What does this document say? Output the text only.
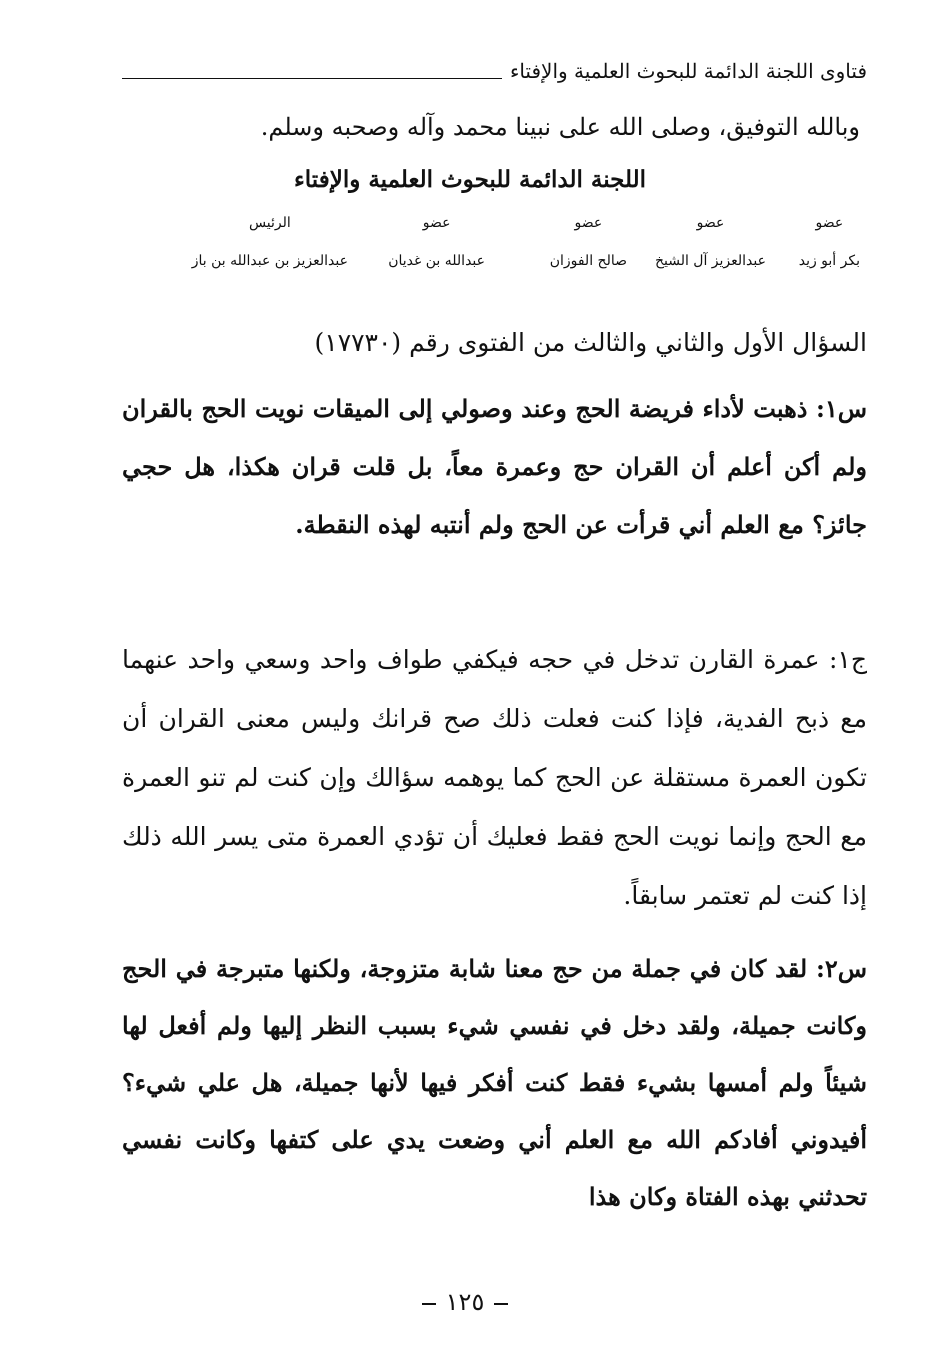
فتاوى اللجنة الدائمة للبحوث العلمية والإفتاء
وبالله التوفيق، وصلى الله على نبينا محمد وآله وصحبه وسلم.
اللجنة الدائمة للبحوث العلمية والإفتاء
عضو
بكر أبو زيد
عضو
عبدالعزيز آل الشيخ
عضو
صالح الفوزان
عضو
عبدالله بن غديان
الرئيس
عبدالعزيز بن عبدالله بن باز
السؤال الأول والثاني والثالث من الفتوى رقم (١٧٧٣٠)
س١: ذهبت لأداء فريضة الحج وعند وصولي إلى الميقات نويت الحج بالقران ولم أكن أعلم أن القران حج وعمرة معاً، بل قلت قران هكذا، هل حجي جائز؟ مع العلم أني قرأت عن الحج ولم أنتبه لهذه النقطة.
ج١: عمرة القارن تدخل في حجه فيكفي طواف واحد وسعي واحد عنهما مع ذبح الفدية، فإذا كنت فعلت ذلك صح قرانك وليس معنى القران أن تكون العمرة مستقلة عن الحج كما يوهمه سؤالك وإن كنت لم تنو العمرة مع الحج وإنما نويت الحج فقط فعليك أن تؤدي العمرة متى يسر الله ذلك إذا كنت لم تعتمر سابقاً.
س٢: لقد كان في جملة من حج معنا شابة متزوجة، ولكنها متبرجة في الحج وكانت جميلة، ولقد دخل في نفسي شيء بسبب النظر إليها ولم أفعل لها شيئاً ولم أمسها بشيء فقط كنت أفكر فيها لأنها جميلة، هل علي شيء؟ أفيدوني أفادكم الله مع العلم أني وضعت يدي على كتفها وكانت نفسي تحدثني بهذه الفتاة وكان هذا
١٢٥
